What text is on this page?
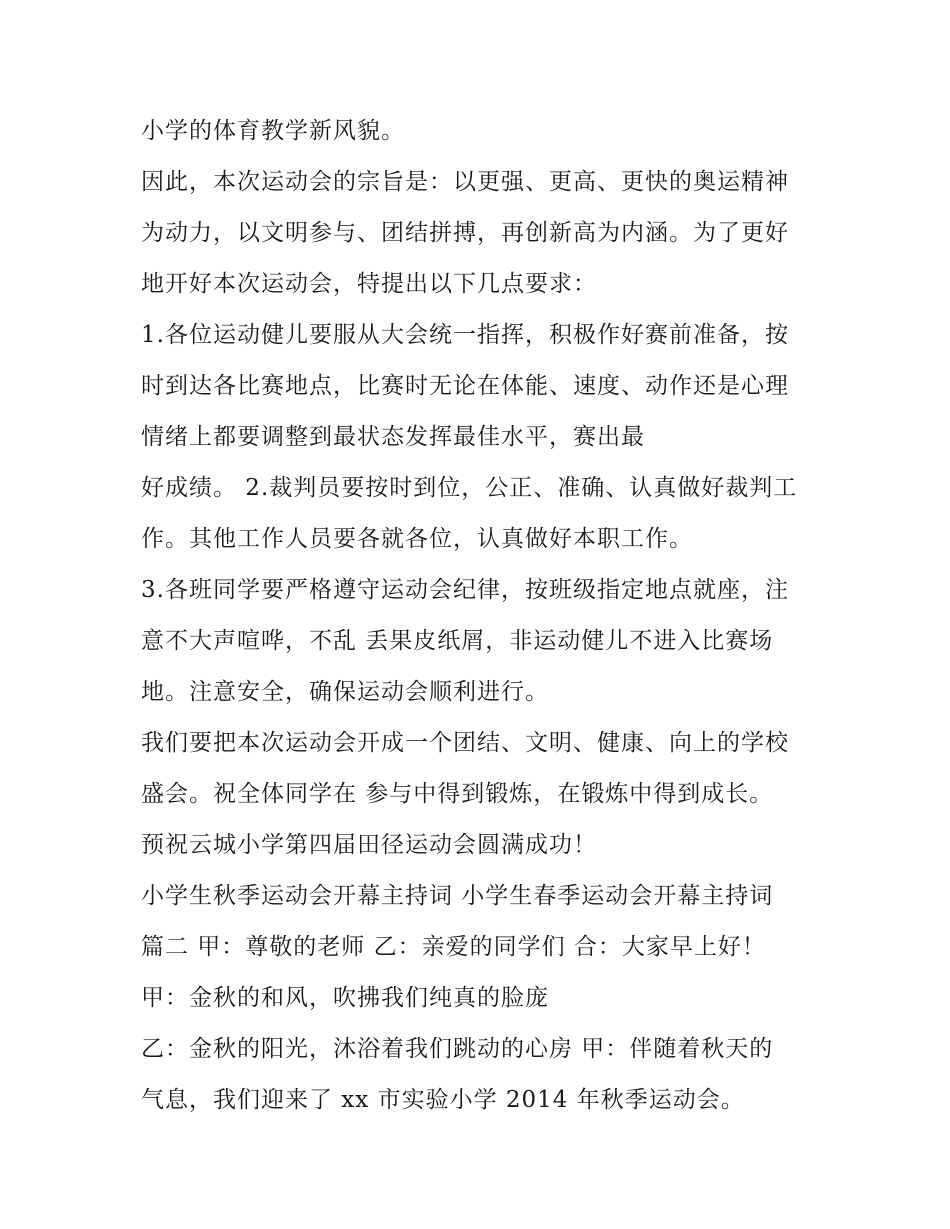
小学的体育教学新风貌。
因此，本次运动会的宗旨是：以更强、更高、更快的奥运精神
为动力，以文明参与、团结拼搏，再创新高为内涵。为了更好
地开好本次运动会，特提出以下几点要求：
1.各位运动健儿要服从大会统一指挥，积极作好赛前准备，按
时到达各比赛地点，比赛时无论在体能、速度、动作还是心理
情绪上都要调整到最状态发挥最佳水平，赛出最
好成绩。 2.裁判员要按时到位，公正、准确、认真做好裁判工
作。其他工作人员要各就各位，认真做好本职工作。
3.各班同学要严格遵守运动会纪律，按班级指定地点就座，注
意不大声喧哗，不乱 丢果皮纸屑，非运动健儿不进入比赛场
地。注意安全，确保运动会顺利进行。
我们要把本次运动会开成一个团结、文明、健康、向上的学校
盛会。祝全体同学在 参与中得到锻炼，在锻炼中得到成长。
预祝云城小学第四届田径运动会圆满成功！
小学生秋季运动会开幕主持词 小学生春季运动会开幕主持词
篇二 甲：尊敬的老师 乙：亲爱的同学们 合：大家早上好！
甲：金秋的和风，吹拂我们纯真的脸庞
乙：金秋的阳光，沐浴着我们跳动的心房 甲：伴随着秋天的
气息，我们迎来了 xx 市实验小学 2014 年秋季运动会。
